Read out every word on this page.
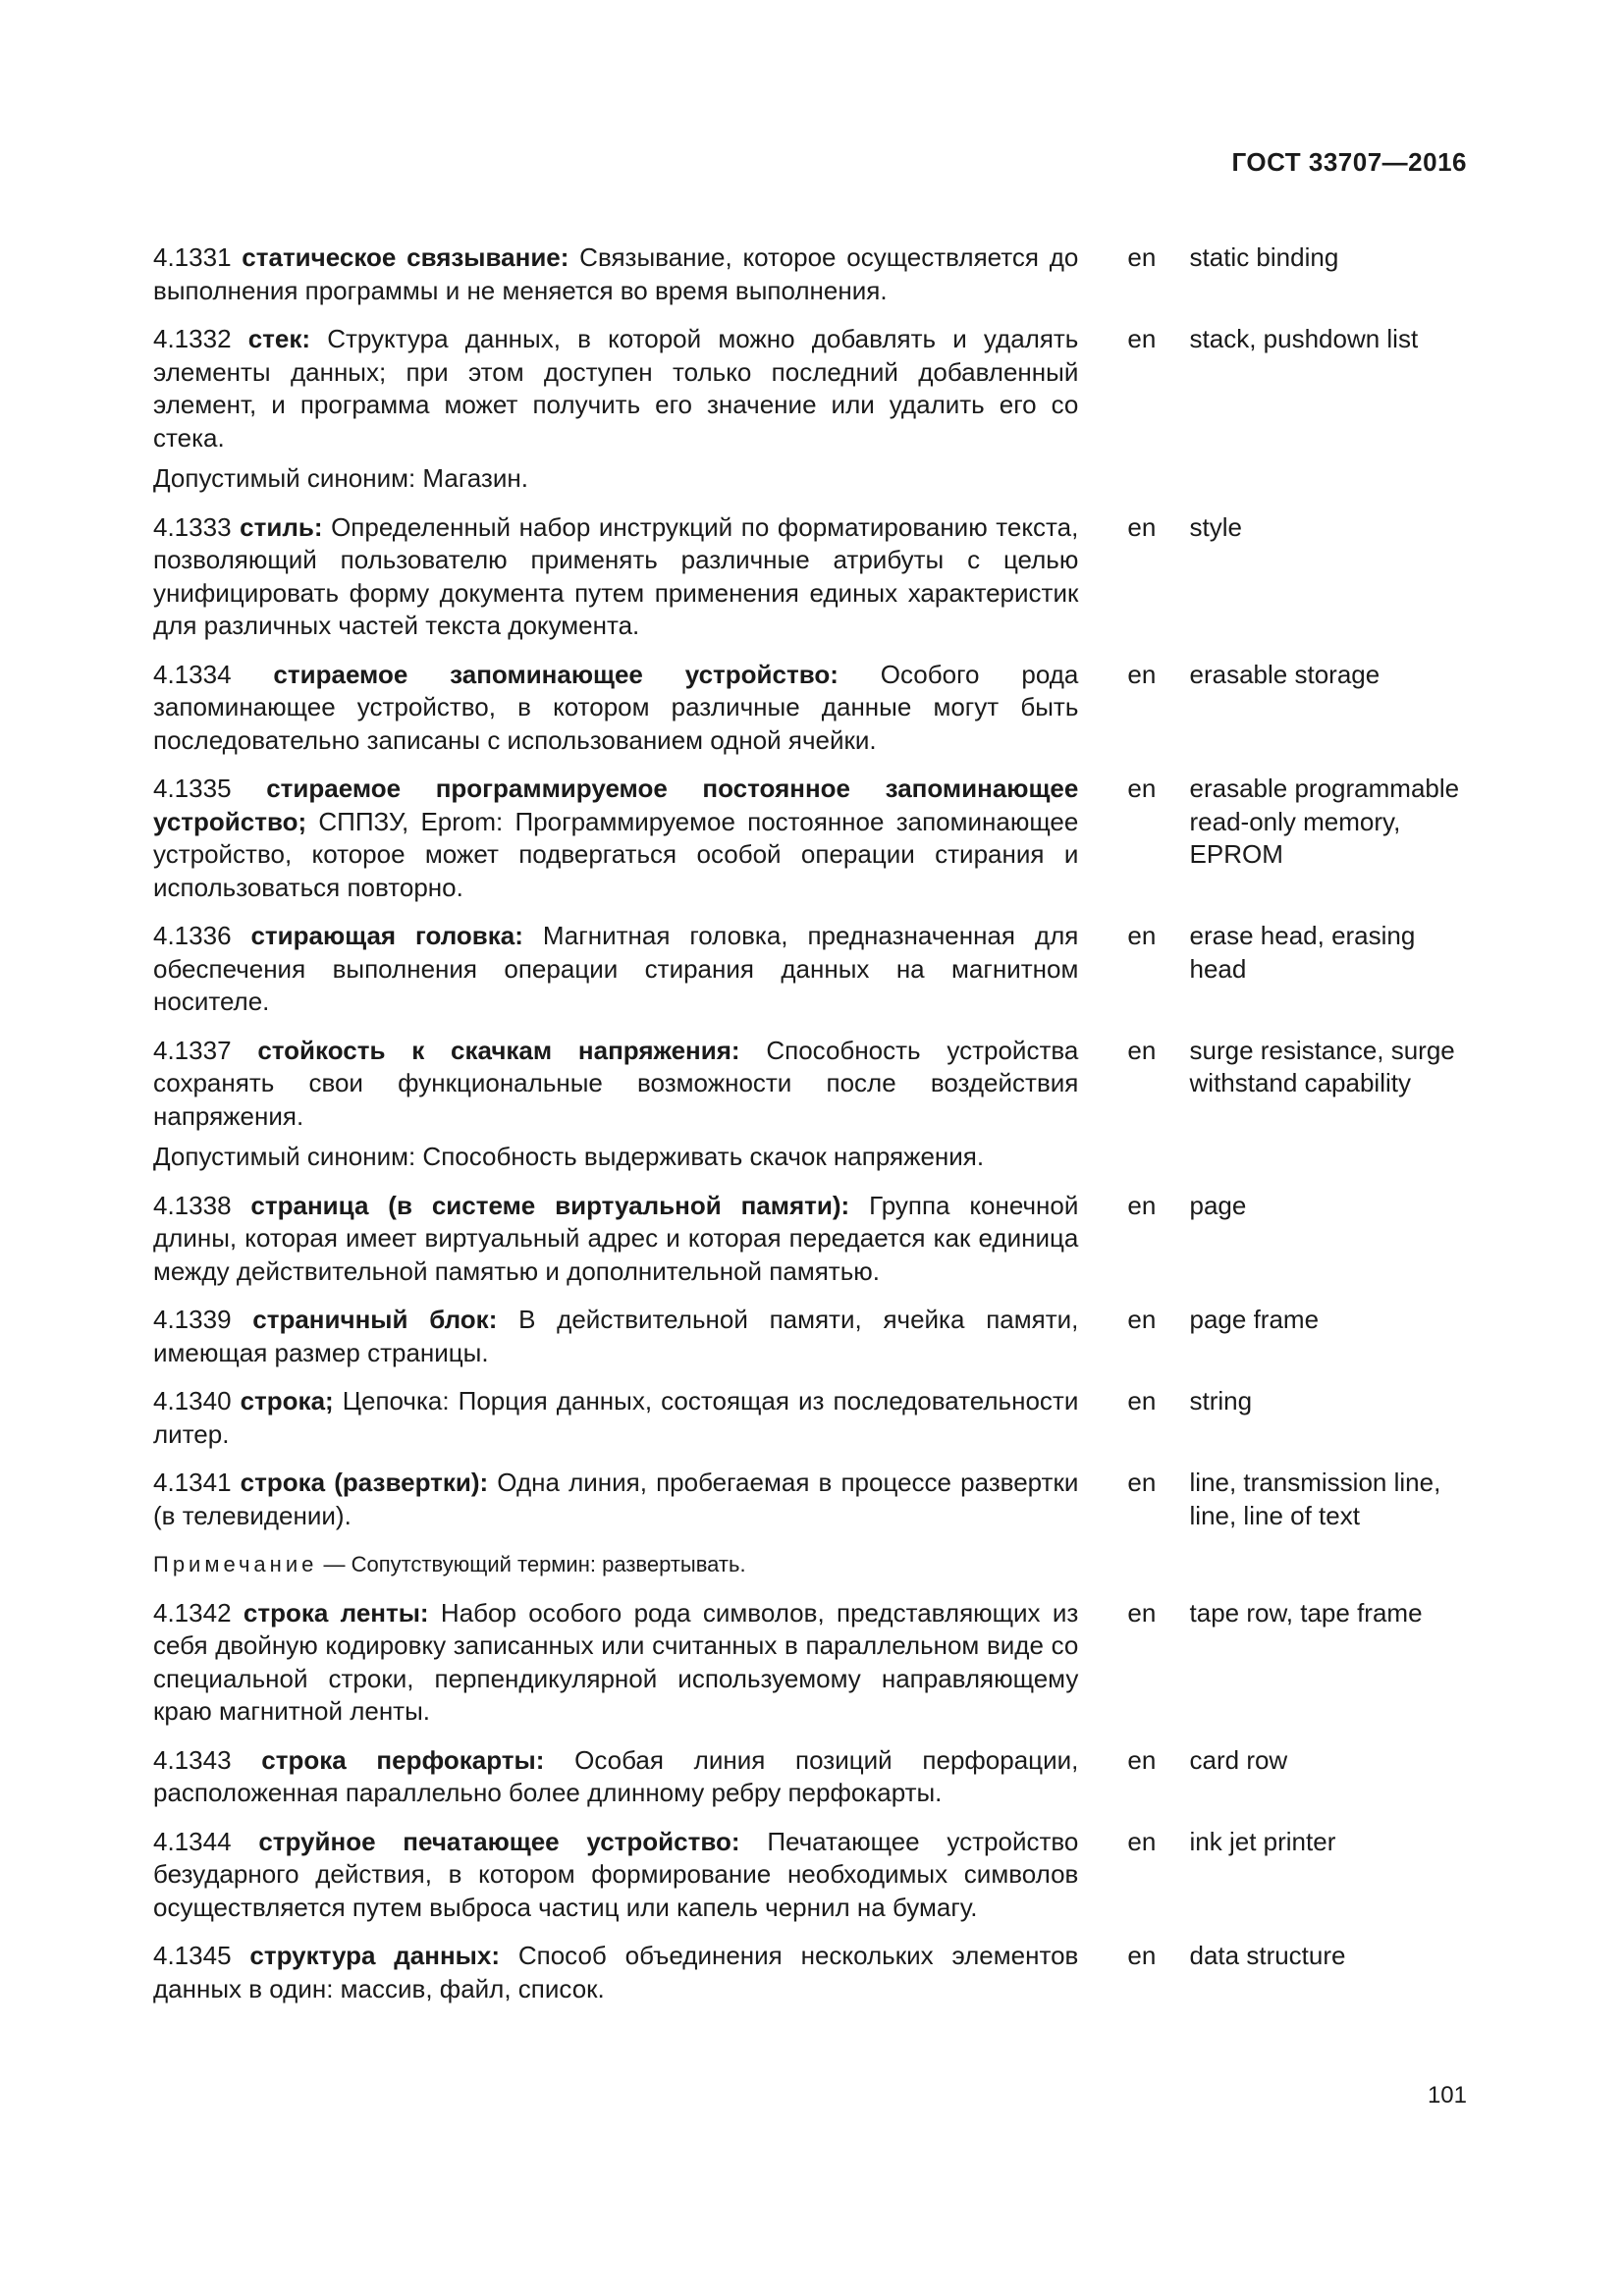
ГОСТ 33707—2016

4.1331 статическое связывание: Связывание, которое осуществляется до выполнения программы и не меняется во время выполнения.

en	static binding

4.1332 стек: Структура данных, в которой можно добавлять и удалять элементы данных; при этом доступен только последний добавленный элемент, и программа может получить его значение или удалить его со стека.

Допустимый синоним: Магазин.

en	stack, pushdown list

4.1333 стиль: Определенный набор инструкций по форматированию текста, позволяющий пользователю применять различные атрибуты с целью унифицировать форму документа путем применения единых характеристик для различных частей текста документа.

en	style

4.1334 стираемое запоминающее устройство: Особого рода запоминающее устройство, в котором различные данные могут быть последовательно записаны с использованием одной ячейки.

en	erasable storage

4.1335 стираемое программируемое постоянное запоминающее устройство; СППЗУ, Eprom: Программируемое постоянное запоминающее устройство, которое может подвергаться особой операции стирания и использоваться повторно.

en	erasable programmable read-only memory, EPROM

4.1336 стирающая головка: Магнитная головка, предназначенная для обеспечения выполнения операции стирания данных на магнитном носителе.

en	erase head, erasing head

4.1337 стойкость к скачкам напряжения: Способность устройства сохранять свои функциональные возможности после воздействия напряжения.

Допустимый синоним: Способность выдерживать скачок напряжения.

en	surge resistance, surge withstand capability

4.1338 страница (в системе виртуальной памяти): Группа конечной длины, которая имеет виртуальный адрес и которая передается как единица между действительной памятью и дополнительной памятью.

en	page

4.1339 страничный блок: В действительной памяти, ячейка памяти, имеющая размер страницы.

en	page frame

4.1340 строка; Цепочка: Порция данных, состоящая из последовательности литер.

en	string

4.1341 строка (развертки): Одна линия, пробегаемая в процессе развертки (в телевидении).

Примечание — Сопутствующий термин: развертывать.

en	line, transmission line, line, line of text

4.1342 строка ленты: Набор особого рода символов, представляющих из себя двойную кодировку записанных или считанных в параллельном виде со специальной строки, перпендикулярной используемому направляющему краю магнитной ленты.

en	tape row, tape frame

4.1343 строка перфокарты: Особая линия позиций перфорации, расположенная параллельно более длинному ребру перфокарты.

en	card row

4.1344 струйное печатающее устройство: Печатающее устройство безударного действия, в котором формирование необходимых символов осуществляется путем выброса частиц или капель чернил на бумагу.

en	ink jet printer

4.1345 структура данных: Способ объединения нескольких элементов данных в один: массив, файл, список.

en	data structure
101
